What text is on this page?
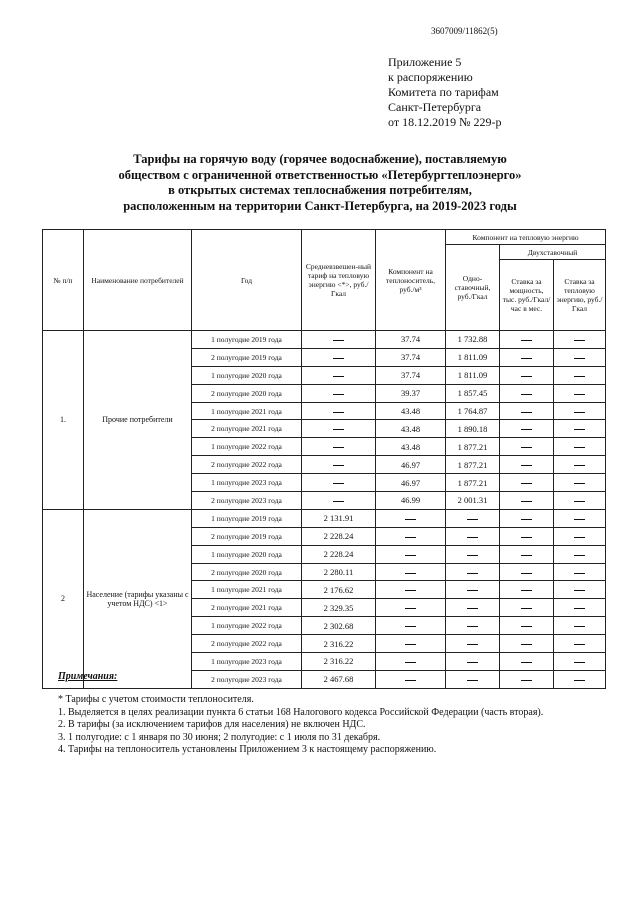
3607009/11862(5)
Приложение 5
к распоряжению
Комитета по тарифам
Санкт-Петербурга
от 18.12.2019 № 229-р
Тарифы на горячую воду (горячее водоснабжение), поставляемую
обществом с ограниченной ответственностью «Петербургтеплоэнерго»
в открытых системах теплоснабжения потребителям,
расположенным на территории Санкт-Петербурга, на 2019-2023 годы
№ п/п	Наименование потребителей	Год	Средневзвешен-ный тариф на тепловую энергию <*>, руб./Гкал	Компонент на теплоноситель, руб./м³	Компонент на тепловую энергию		
					Одно-ставочный, руб./Гкал	Двухставочный	
						Ставка за мощность, тыс. руб./Гкал/час в мес.	Ставка за тепловую энергию, руб./Гкал
1.	Прочие потребители	1 полугодие 2019 года		37.74	1 732.88		
		2 полугодие 2019 года		37.74	1 811.09		
		1 полугодие 2020 года		37.74	1 811.09		
		2 полугодие 2020 года		39.37	1 857.45		
		1 полугодие 2021 года		43.48	1 764.87		
		2 полугодие 2021 года		43.48	1 890.18		
		1 полугодие 2022 года		43.48	1 877.21		
		2 полугодие 2022 года		46.97	1 877.21		
		1 полугодие 2023 года		46.97	1 877.21		
		2 полугодие 2023 года		46.99	2 001.31		
2	Население (тарифы указаны с учетом НДС) <1>	1 полугодие 2019 года	2 131.91				
		2 полугодие 2019 года	2 228.24				
		1 полугодие 2020 года	2 228.24				
		2 полугодие 2020 года	2 280.11				
		1 полугодие 2021 года	2 176.62				
		2 полугодие 2021 года	2 329.35				
		1 полугодие 2022 года	2 302.68				
		2 полугодие 2022 года	2 316.22				
		1 полугодие 2023 года	2 316.22				
		2 полугодие 2023 года	2 467.68				
Примечания:
* Тарифы с учетом стоимости теплоносителя.
1. Выделяется в целях реализации пункта 6 статьи 168 Налогового кодекса Российской Федерации (часть вторая).
2. В тарифы (за исключением тарифов для населения) не включен НДС.
3. 1 полугодие: с 1 января по 30 июня; 2 полугодие: с 1 июля по 31 декабря.
4. Тарифы на теплоноситель установлены Приложением 3 к настоящему распоряжению.
